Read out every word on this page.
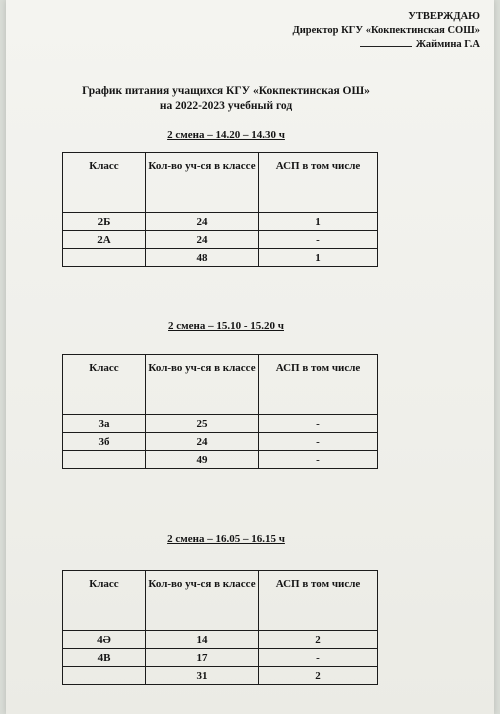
УТВЕРЖДАЮ
Директор КГУ «Кокпектинская СОШ»
Жаймина Г.А
График питания учащихся КГУ «Кокпектинская ОШ»
на 2022-2023 учебный год
2 смена – 14.20 – 14.30 ч
Класс	Кол-во уч-ся в классе	АСП в том числе
2Б	24	1
2А	24	-
	48	1
2 смена – 15.10 - 15.20 ч
Класс	Кол-во уч-ся в классе	АСП в том числе
3а	25	-
3б	24	-
	49	-
2 смена – 16.05 – 16.15 ч
Класс	Кол-во уч-ся в классе	АСП в том числе
4Ә	14	2
4В	17	-
	31	2
